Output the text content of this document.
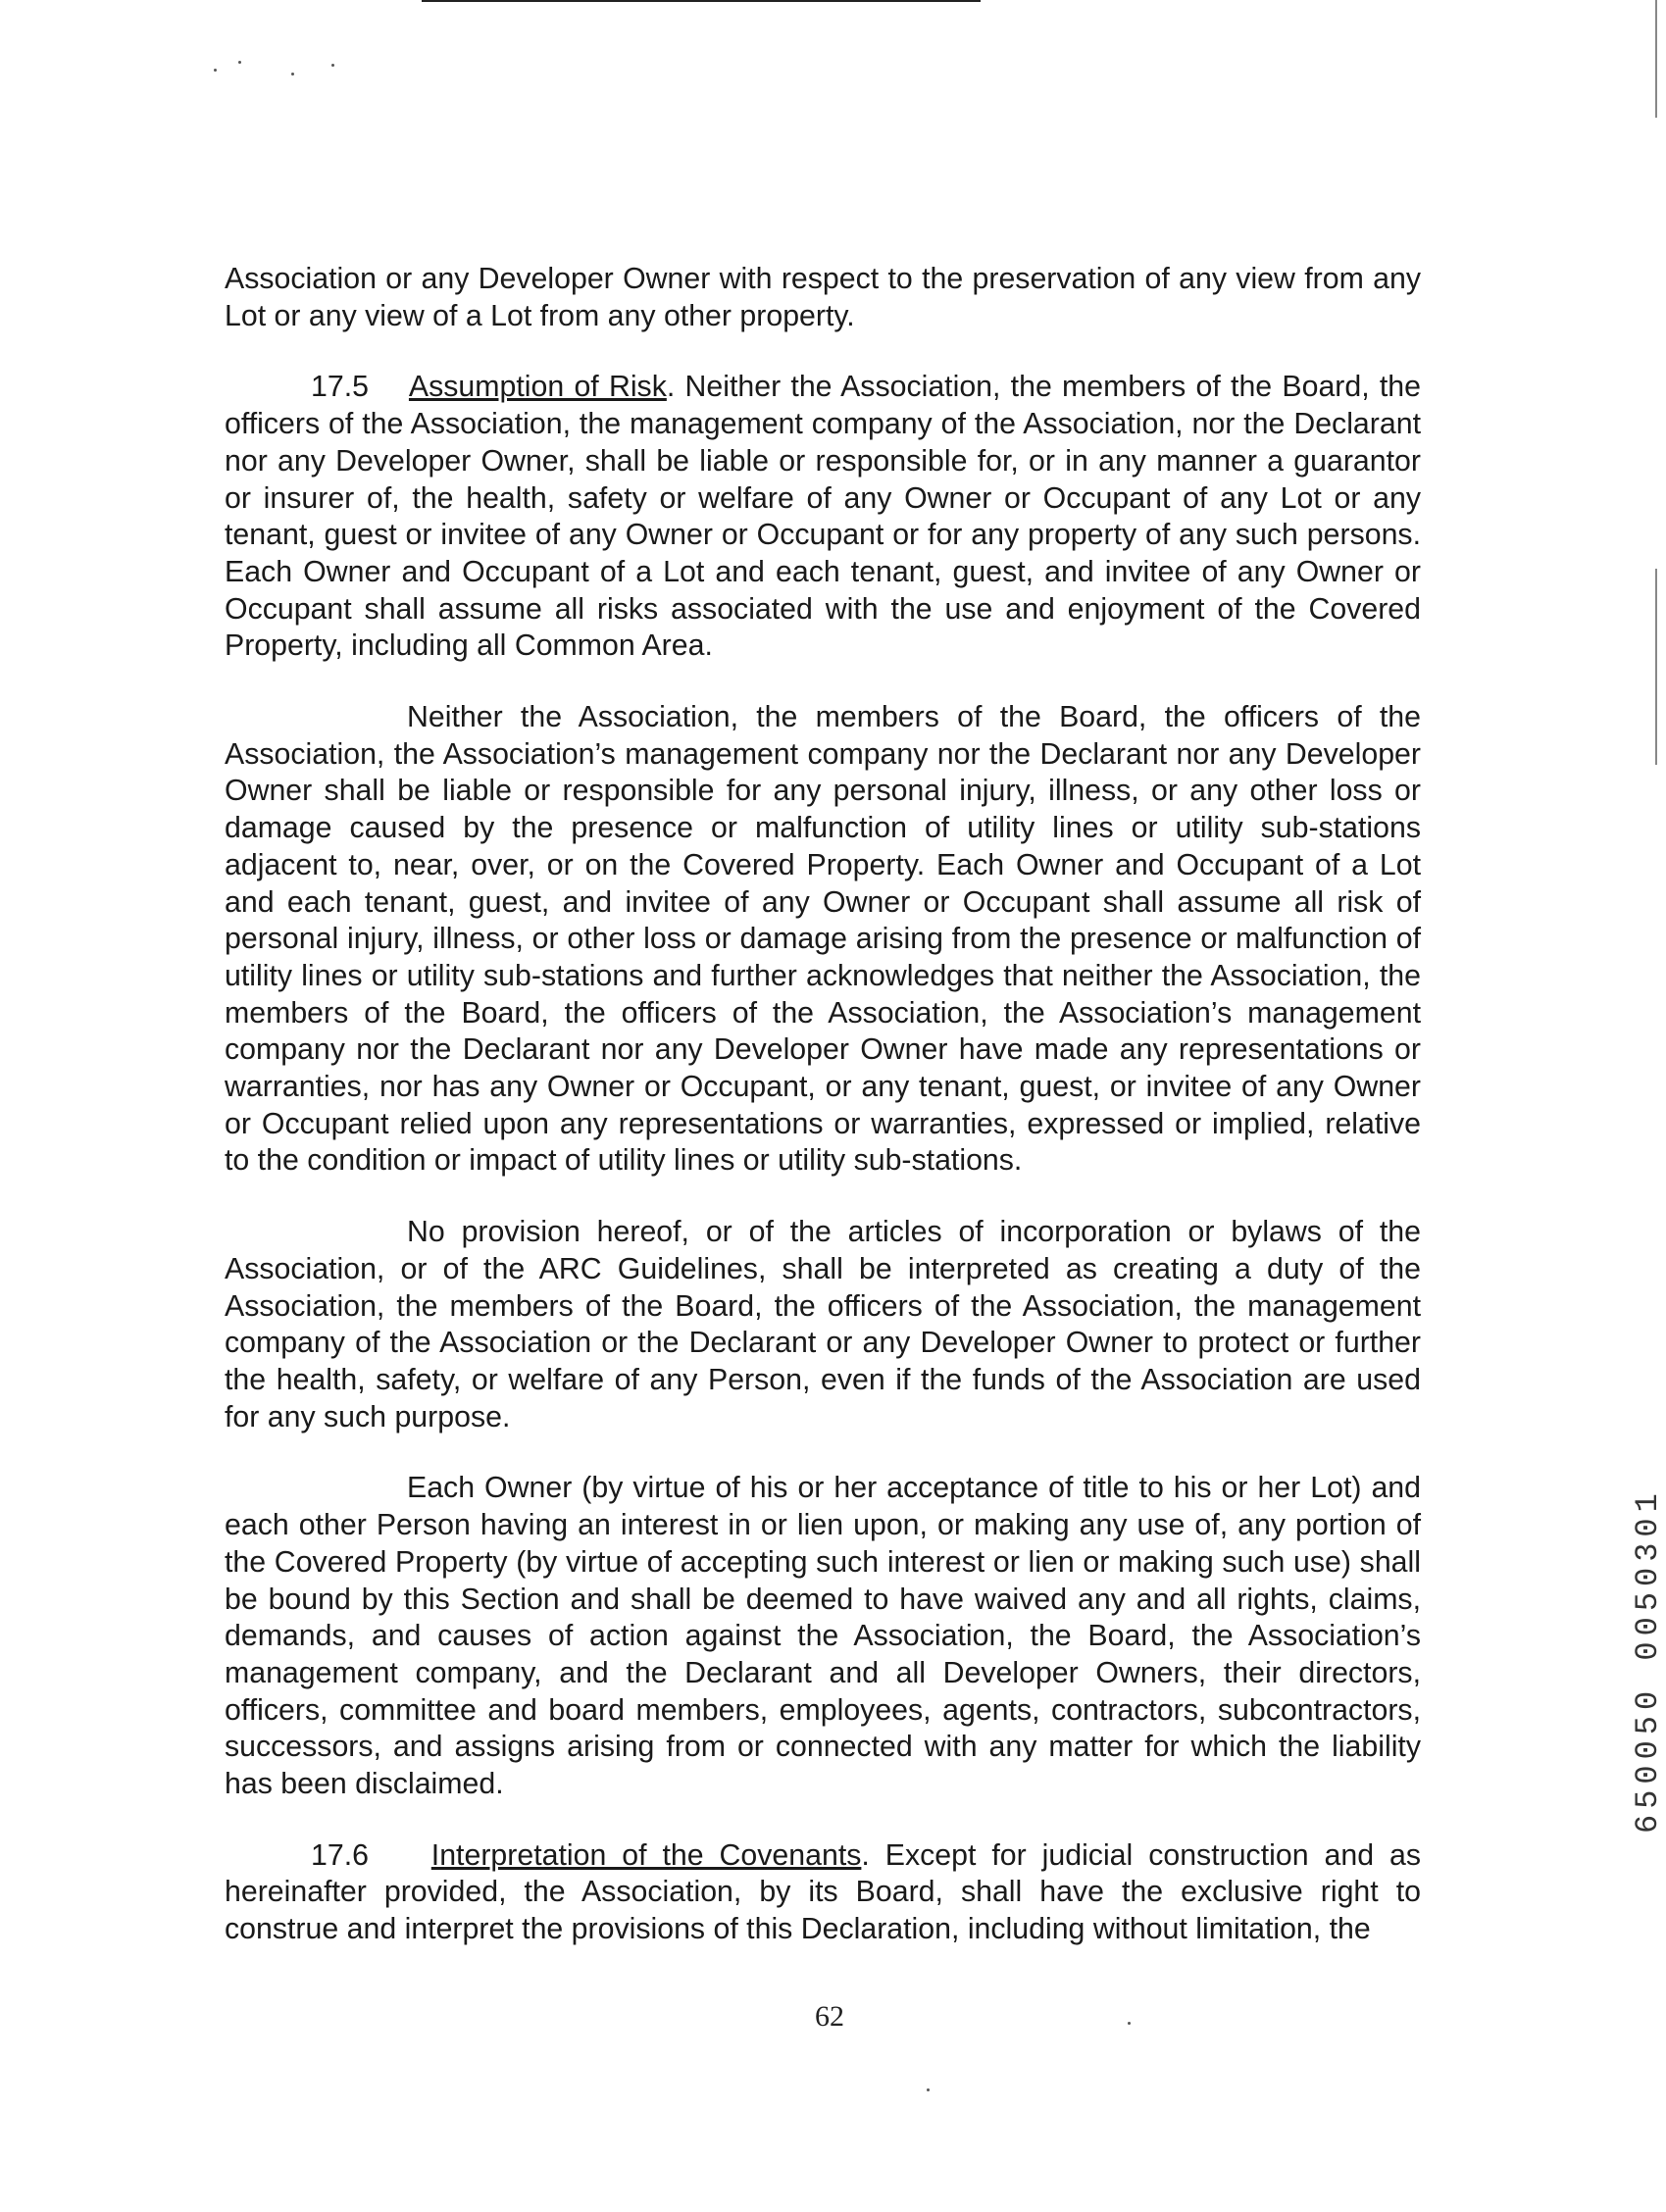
Association or any Developer Owner with respect to the preservation of any view from any Lot or any view of a Lot from any other property.

17.5 Assumption of Risk. Neither the Association, the members of the Board, the officers of the Association, the management company of the Association, nor the Declarant nor any Developer Owner, shall be liable or responsible for, or in any manner a guarantor or insurer of, the health, safety or welfare of any Owner or Occupant of any Lot or any tenant, guest or invitee of any Owner or Occupant or for any property of any such persons. Each Owner and Occupant of a Lot and each tenant, guest, and invitee of any Owner or Occupant shall assume all risks associated with the use and enjoyment of the Covered Property, including all Common Area.

Neither the Association, the members of the Board, the officers of the Association, the Association’s management company nor the Declarant nor any Developer Owner shall be liable or responsible for any personal injury, illness, or any other loss or damage caused by the presence or malfunction of utility lines or utility sub-stations adjacent to, near, over, or on the Covered Property. Each Owner and Occupant of a Lot and each tenant, guest, and invitee of any Owner or Occupant shall assume all risk of personal injury, illness, or other loss or damage arising from the presence or malfunction of utility lines or utility sub-stations and further acknowledges that neither the Association, the members of the Board, the officers of the Association, the Association’s management company nor the Declarant nor any Developer Owner have made any representations or warranties, nor has any Owner or Occupant, or any tenant, guest, or invitee of any Owner or Occupant relied upon any representations or warranties, expressed or implied, relative to the condition or impact of utility lines or utility sub-stations.

No provision hereof, or of the articles of incorporation or bylaws of the Association, or of the ARC Guidelines, shall be interpreted as creating a duty of the Association, the members of the Board, the officers of the Association, the management company of the Association or the Declarant or any Developer Owner to protect or further the health, safety, or welfare of any Person, even if the funds of the Association are used for any such purpose.

Each Owner (by virtue of his or her acceptance of title to his or her Lot) and each other Person having an interest in or lien upon, or making any use of, any portion of the Covered Property (by virtue of accepting such interest or lien or making such use) shall be bound by this Section and shall be deemed to have waived any and all rights, claims, demands, and causes of action against the Association, the Board, the Association’s management company, and the Declarant and all Developer Owners, their directors, officers, committee and board members, employees, agents, contractors, subcontractors, successors, and assigns arising from or connected with any matter for which the liability has been disclaimed.

17.6 Interpretation of the Covenants. Except for judicial construction and as hereinafter provided, the Association, by its Board, shall have the exclusive right to construe and interpret the provisions of this Declaration, including without limitation, the

62
650050 0050301
